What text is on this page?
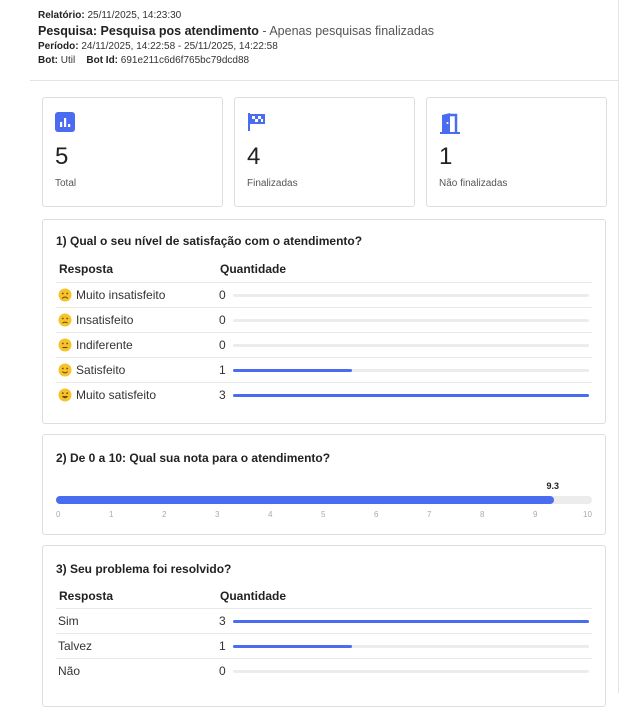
Relatório: 25/11/2025, 14:23:30
Pesquisa: Pesquisa pos atendimento - Apenas pesquisas finalizadas
Período: 24/11/2025, 14:22:58 - 25/11/2025, 14:22:58
Bot: Util Bot Id: 691e211c6d6f765bc79dcd88
5
Total
4
Finalizadas
1
Não finalizadas
1) Qual o seu nível de satisfação com o atendimento?
Resposta	Quantidade
Muito insatisfeito	0
Insatisfeito	0
Indiferente	0
Satisfeito	1
Muito satisfeito	3
2) De 0 a 10: Qual sua nota para o atendimento?
9.3
0	1	2	3	4	5	6	7	8	9	10
3) Seu problema foi resolvido?
Resposta	Quantidade
Sim	3
Talvez	1
Não	0
